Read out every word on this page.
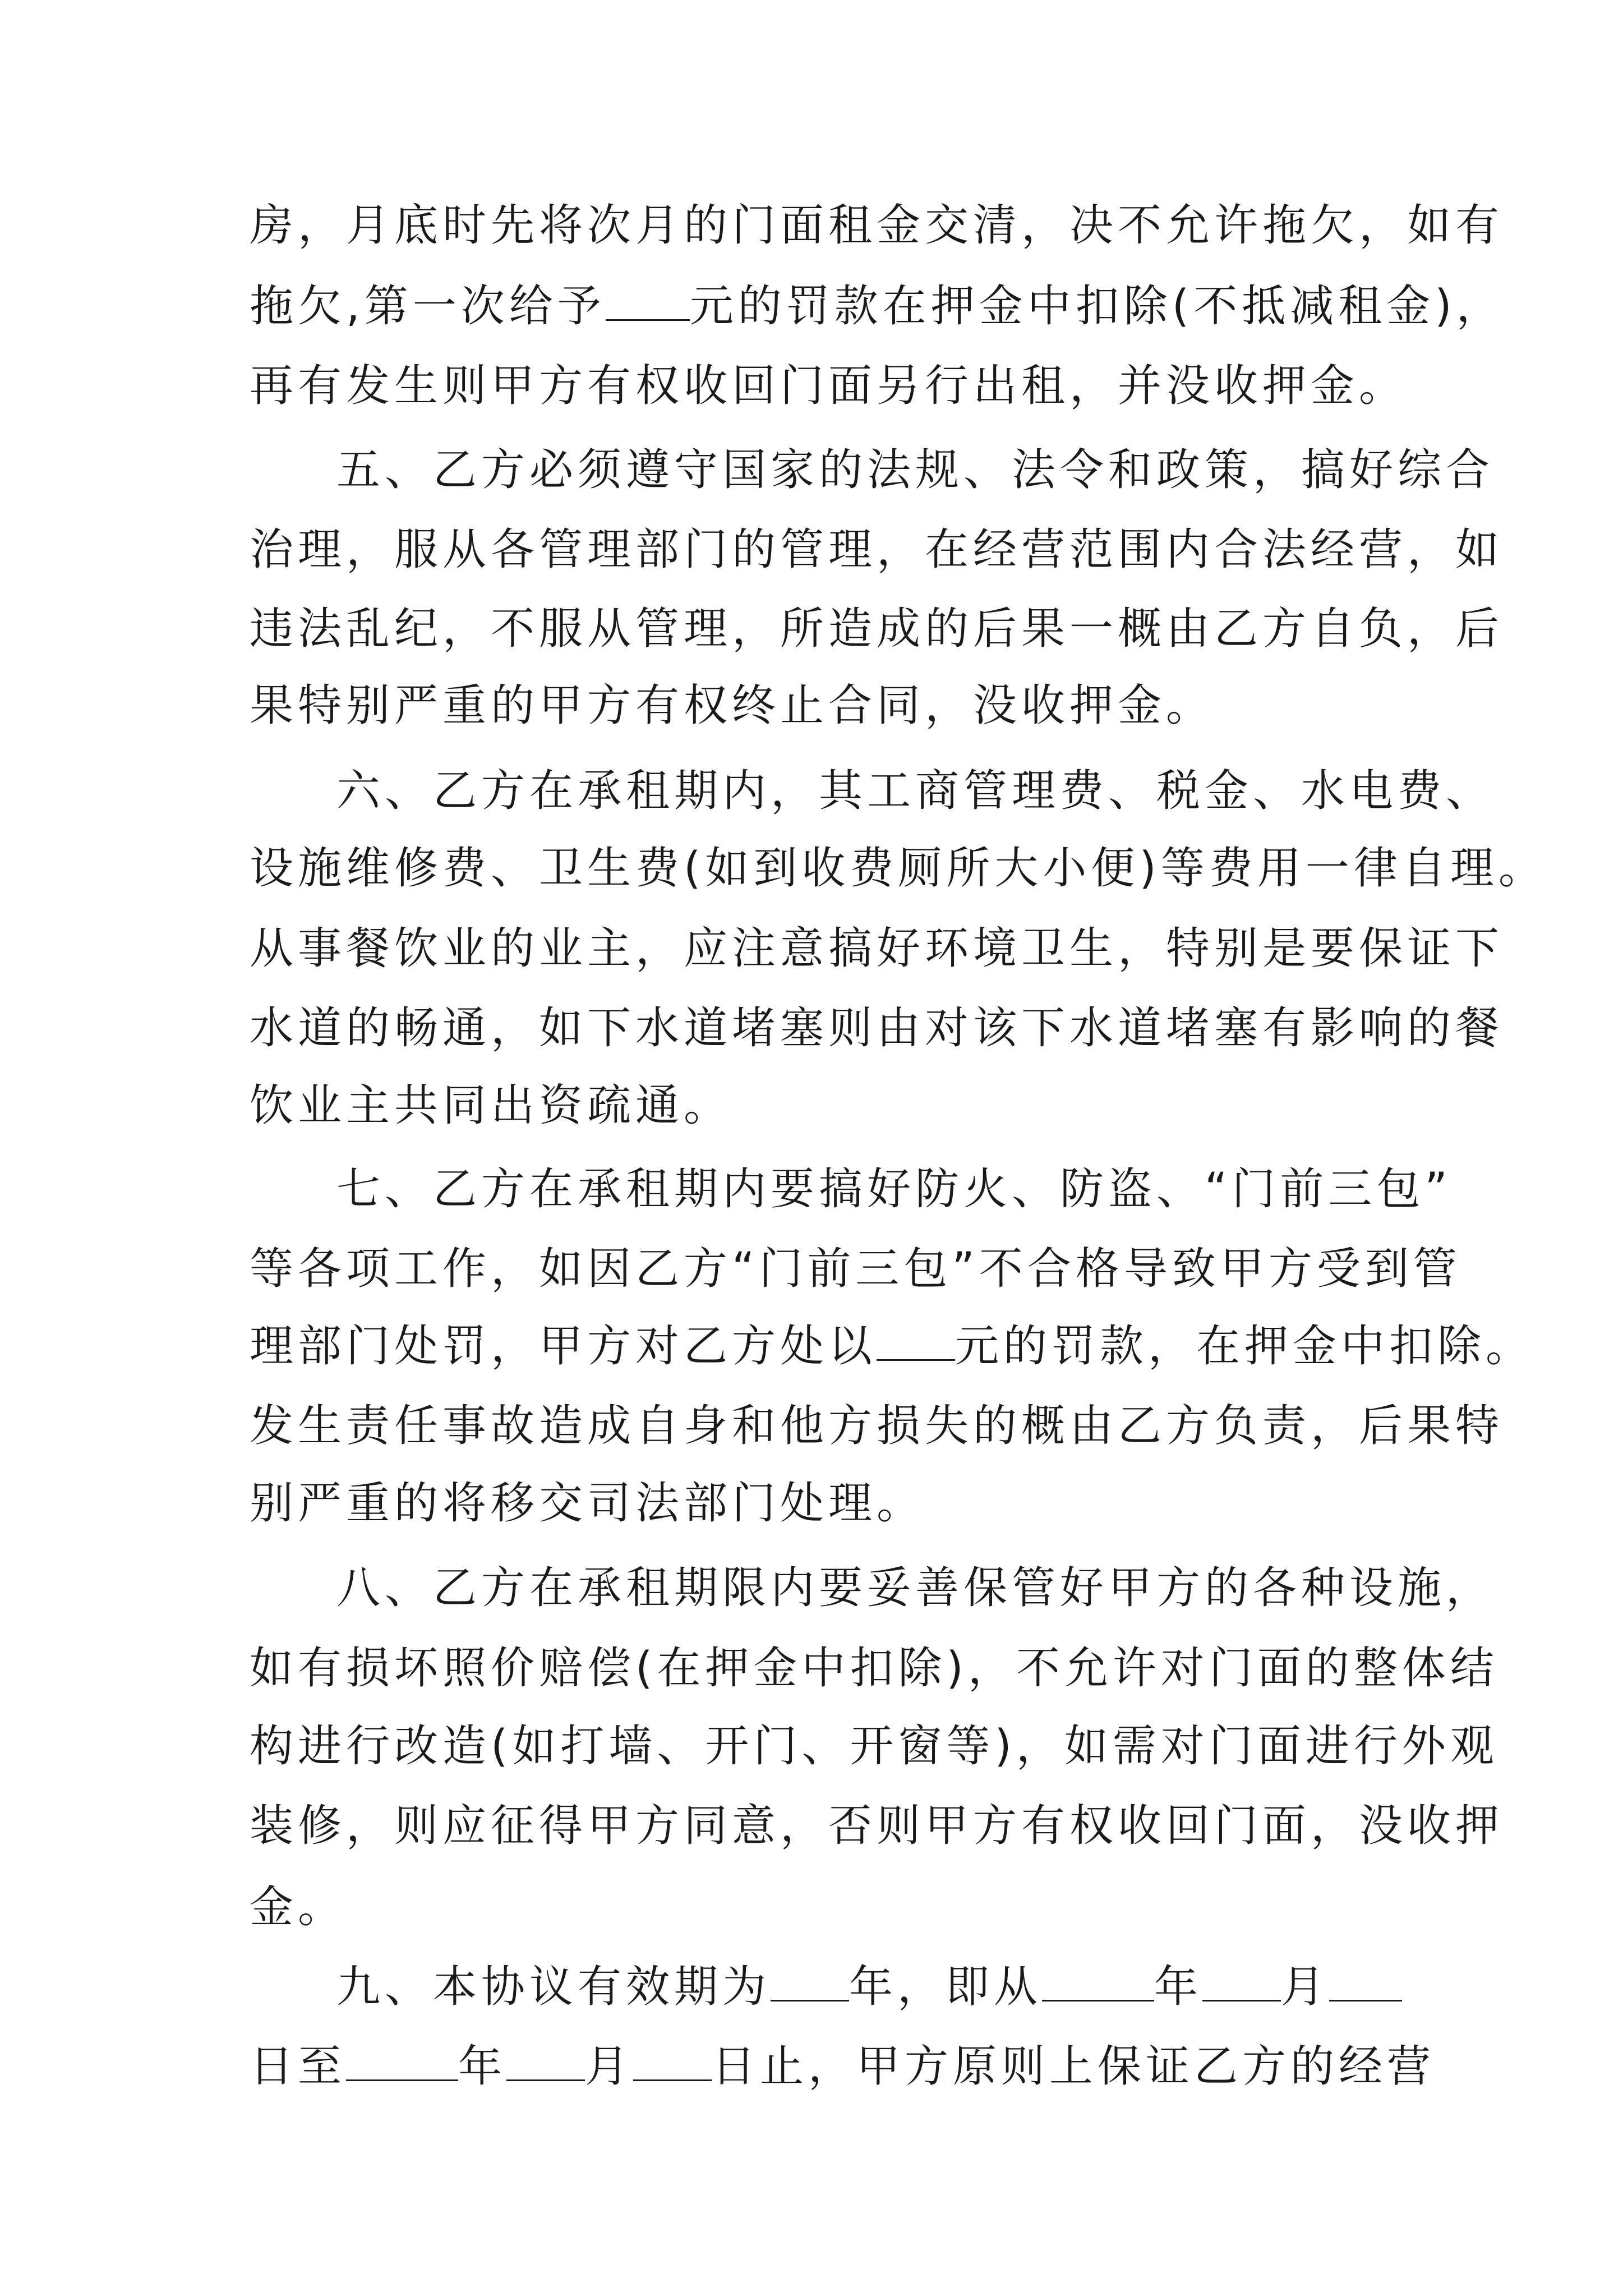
房，月底时先将次月的门面租金交清，决不允许拖欠，如有
拖欠,第一次给予 元的罚款在押金中扣除(不抵减租金)，
再有发生则甲方有权收回门面另行出租，并没收押金。
五、乙方必须遵守国家的法规、法令和政策，搞好综合
治理，服从各管理部门的管理，在经营范围内合法经营，如
违法乱纪，不服从管理，所造成的后果一概由乙方自负，后
果特别严重的甲方有权终止合同，没收押金。
六、乙方在承租期内，其工商管理费、税金、水电费、
设施维修费、卫生费(如到收费厕所大小便)等费用一律自理。
从事餐饮业的业主，应注意搞好环境卫生，特别是要保证下
水道的畅通，如下水道堵塞则由对该下水道堵塞有影响的餐
饮业主共同出资疏通。
七、乙方在承租期内要搞好防火、防盗、“门前三包”
等各项工作，如因乙方“门前三包”不合格导致甲方受到管
理部门处罚，甲方对乙方处以 元的罚款，在押金中扣除。
发生责任事故造成自身和他方损失的概由乙方负责，后果特
别严重的将移交司法部门处理。
八、乙方在承租期限内要妥善保管好甲方的各种设施，
如有损坏照价赔偿(在押金中扣除)，不允许对门面的整体结
构进行改造(如打墙、开门、开窗等)，如需对门面进行外观
装修，则应征得甲方同意，否则甲方有权收回门面，没收押
金。
九、本协议有效期为 年，即从	年 月
日至	年 月 日止，甲方原则上保证乙方的经营
